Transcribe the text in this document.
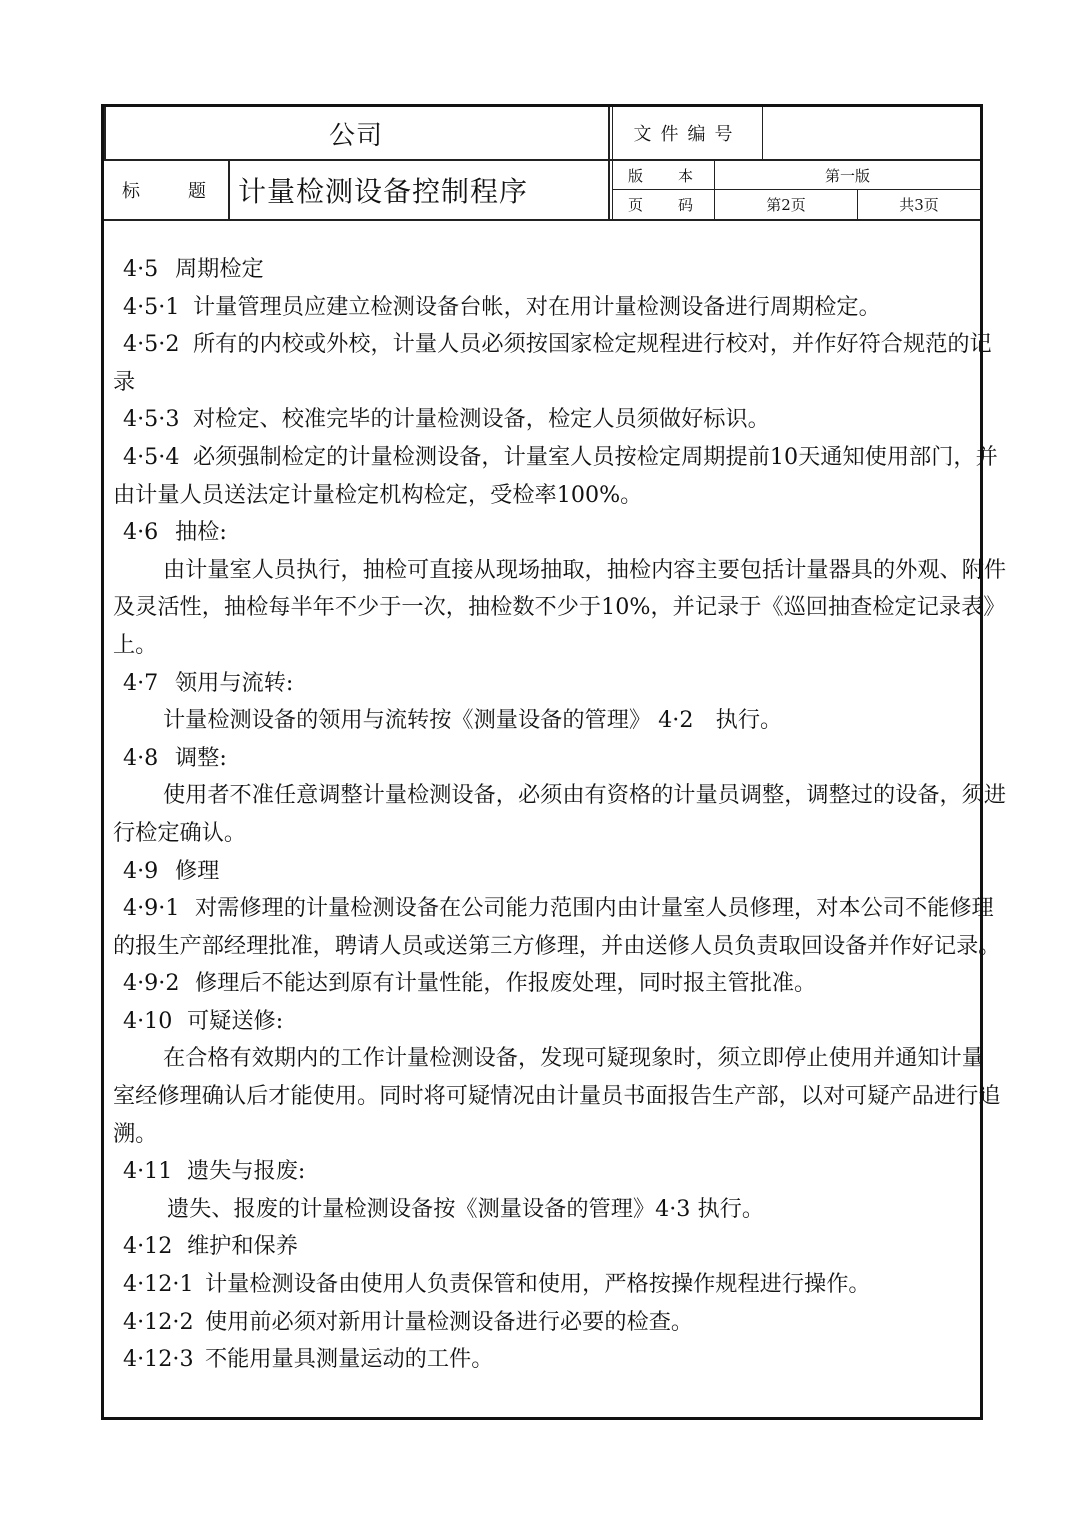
公司	文件编号
标	题 计量检测设备控制程序	版 本	第一版
页 码	第2页	共3页

4·5 周期检定

4·5·1 计量管理员应建立检测设备台帐，对在用计量检测设备进行周期检定。

4·5·2 所有的内校或外校，计量人员必须按国家检定规程进行校对，并作好符合规范的记

录

4·5·3 对检定、校准完毕的计量检测设备，检定人员须做好标识。

4·5·4 必须强制检定的计量检测设备，计量室人员按检定周期提前10天通知使用部门，并

由计量人员送法定计量检定机构检定，受检率100%。

4·6 抽检:

由计量室人员执行，抽检可直接从现场抽取，抽检内容主要包括计量器具的外观、附件

及灵活性，抽检每半年不少于一次，抽检数不少于10%，并记录于《巡回抽查检定记录表》

上。

4·7 领用与流转:

计量检测设备的领用与流转按《测量设备的管理》 4·2　执行。

4·8 调整:

使用者不准任意调整计量检测设备，必须由有资格的计量员调整，调整过的设备，须进

行检定确认。

4·9 修理

4·9·1 对需修理的计量检测设备在公司能力范围内由计量室人员修理，对本公司不能修理

的报生产部经理批准，聘请人员或送第三方修理，并由送修人员负责取回设备并作好记录。

4·9·2 修理后不能达到原有计量性能，作报废处理，同时报主管批准。

4·10 可疑送修:

在合格有效期内的工作计量检测设备，发现可疑现象时，须立即停止使用并通知计量

室经修理确认后才能使用。同时将可疑情况由计量员书面报告生产部，以对可疑产品进行追

溯。

4·11 遗失与报废:

遗失、报废的计量检测设备按《测量设备的管理》4·3 执行。

4·12 维护和保养

4·12·1 计量检测设备由使用人负责保管和使用，严格按操作规程进行操作。

4·12·2 使用前必须对新用计量检测设备进行必要的检查。

4·12·3 不能用量具测量运动的工件。
